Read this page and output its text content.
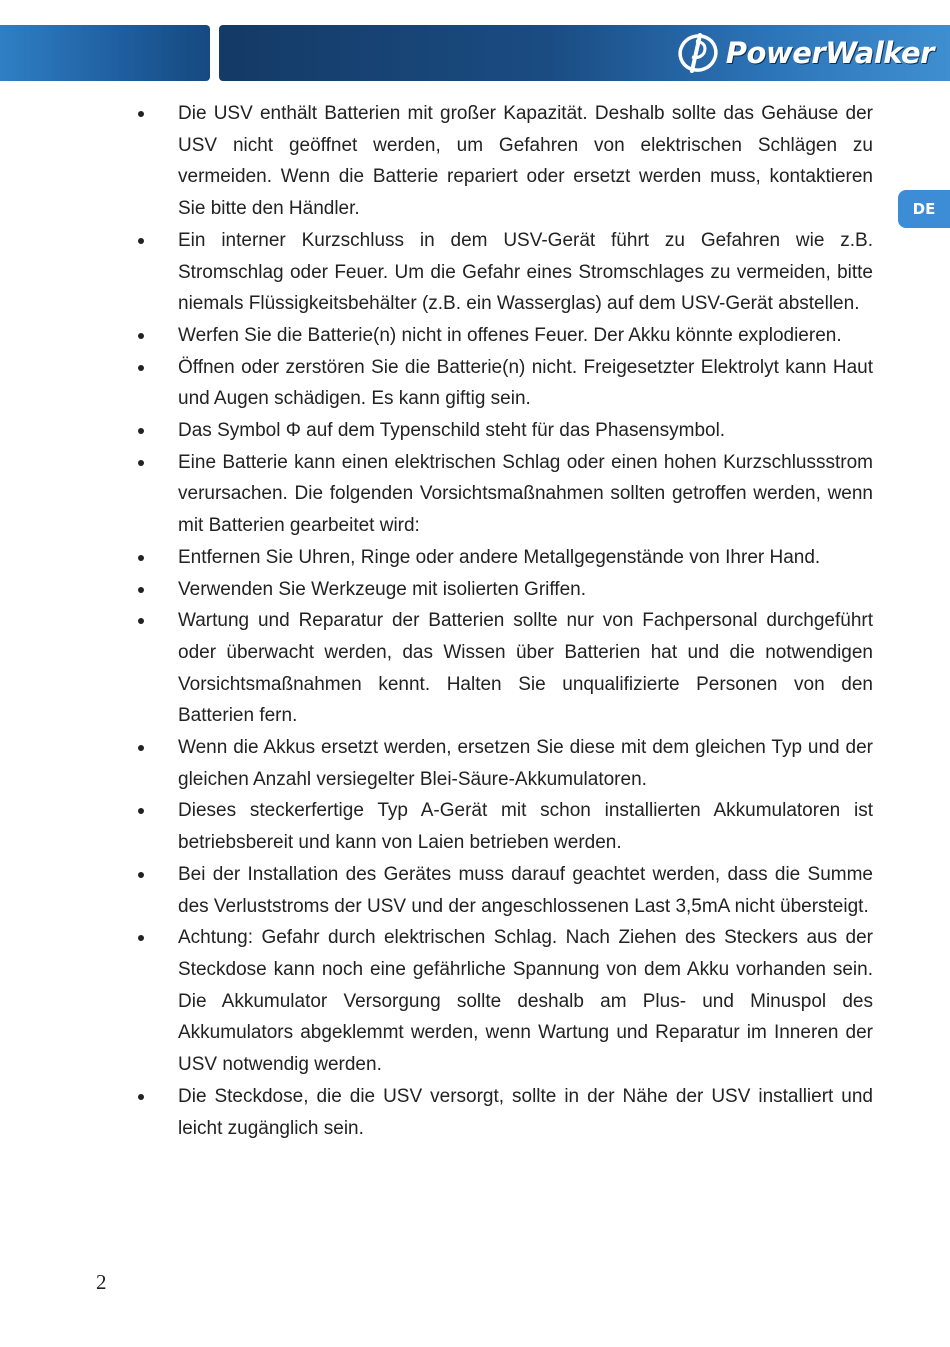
PowerWalker
DE
Die USV enthält Batterien mit großer Kapazität. Deshalb sollte das Gehäuse der USV nicht geöffnet werden, um Gefahren von elektrischen Schlägen zu vermeiden. Wenn die Batterie repariert oder ersetzt werden muss, kontaktieren Sie bitte den Händler.
Ein interner Kurzschluss in dem USV-Gerät führt zu Gefahren wie z.B. Stromschlag oder Feuer. Um die Gefahr eines Stromschlages zu vermeiden, bitte niemals Flüssigkeitsbehälter (z.B. ein Wasserglas) auf dem USV-Gerät abstellen.
Werfen Sie die Batterie(n) nicht in offenes Feuer. Der Akku könnte explodieren.
Öffnen oder zerstören Sie die Batterie(n) nicht. Freigesetzter Elektrolyt kann Haut und Augen schädigen. Es kann giftig sein.
Das Symbol Φ auf dem Typenschild steht für das Phasensymbol.
Eine Batterie kann einen elektrischen Schlag oder einen hohen Kurzschlussstrom verursachen. Die folgenden Vorsichtsmaßnahmen sollten getroffen werden, wenn mit Batterien gearbeitet wird:
Entfernen Sie Uhren, Ringe oder andere Metallgegenstände von Ihrer Hand.
Verwenden Sie Werkzeuge mit isolierten Griffen.
Wartung und Reparatur der Batterien sollte nur von Fachpersonal durchgeführt oder überwacht werden, das Wissen über Batterien hat und die notwendigen Vorsichtsmaßnahmen kennt. Halten Sie unqualifizierte Personen von den Batterien fern.
Wenn die Akkus ersetzt werden, ersetzen Sie diese mit dem gleichen Typ und der gleichen Anzahl versiegelter Blei-Säure-Akkumulatoren.
Dieses steckerfertige Typ A-Gerät mit schon installierten Akkumulatoren ist betriebsbereit und kann von Laien betrieben werden.
Bei der Installation des Gerätes muss darauf geachtet werden, dass die Summe des Verluststroms der USV und der angeschlossenen Last 3,5mA nicht übersteigt.
Achtung: Gefahr durch elektrischen Schlag. Nach Ziehen des Steckers aus der Steckdose kann noch eine gefährliche Spannung von dem Akku vorhanden sein. Die Akkumulator Versorgung sollte deshalb am Plus- und Minuspol des Akkumulators abgeklemmt werden, wenn Wartung und Reparatur im Inneren der USV notwendig werden.
Die Steckdose, die die USV versorgt, sollte in der Nähe der USV installiert und leicht zugänglich sein.
2
